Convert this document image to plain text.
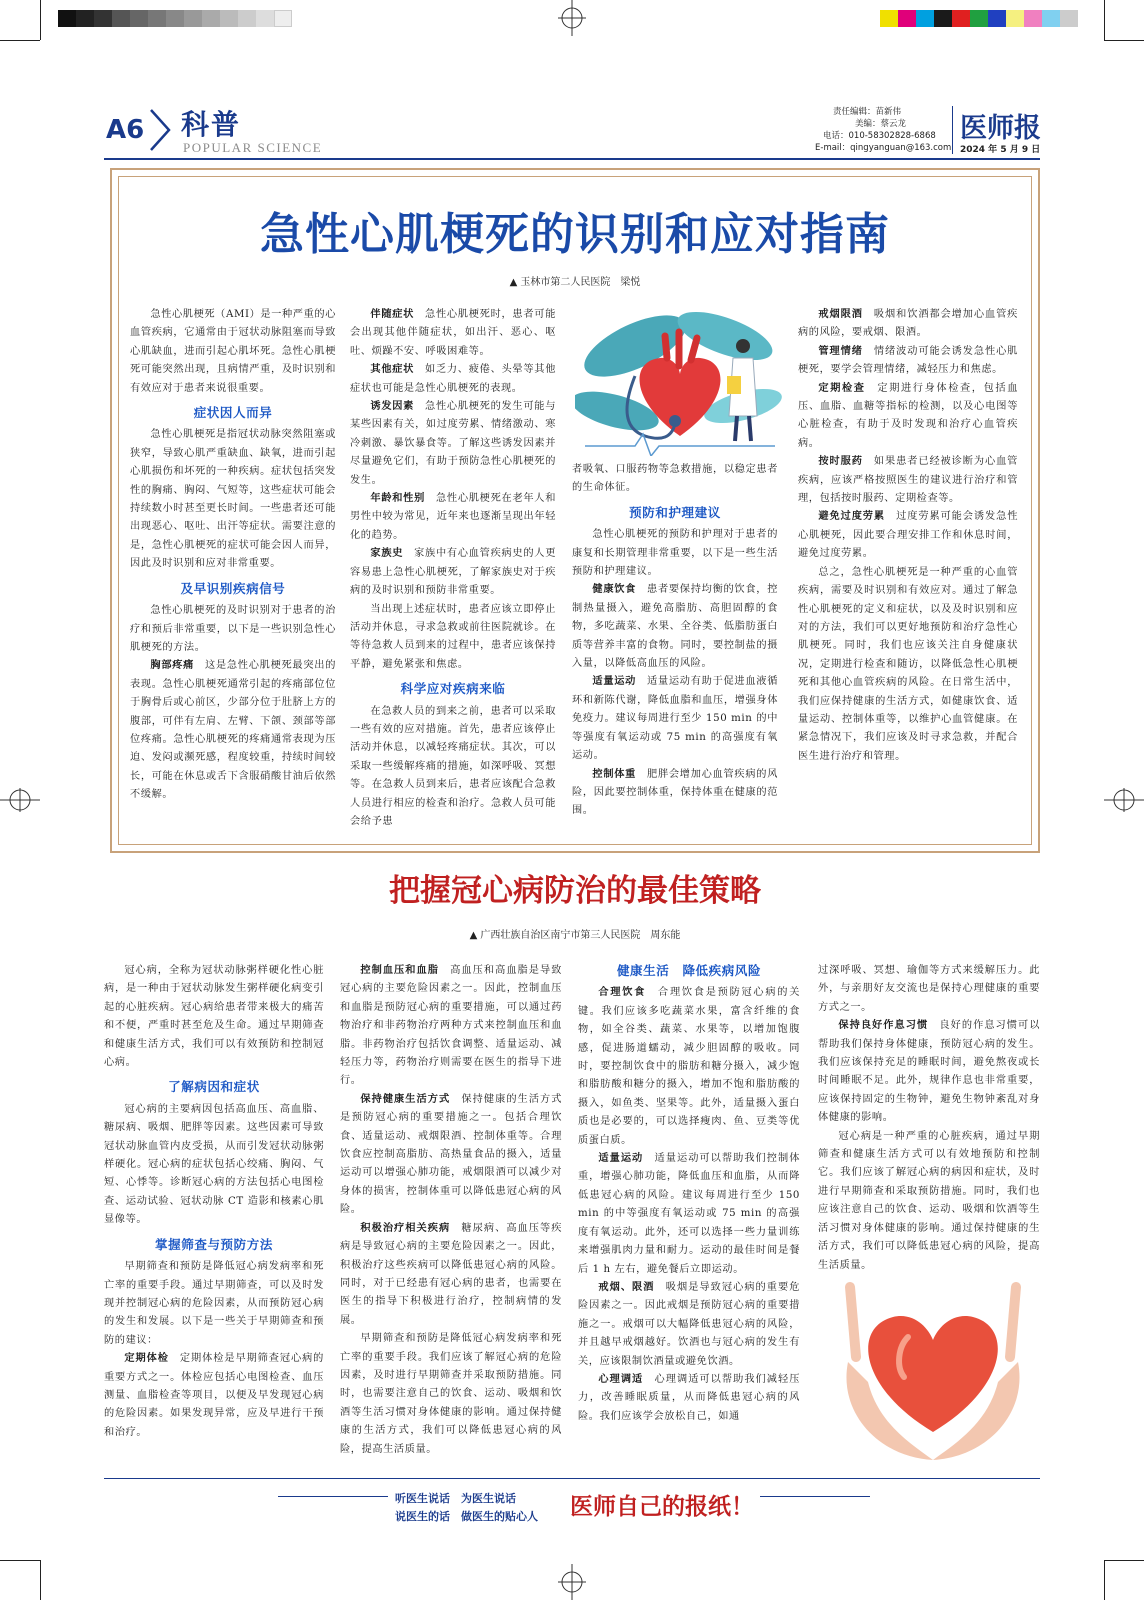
A6 科普
POPULAR SCIENCE
责任编辑：苗新伟
美编：蔡云龙
电话：010-58302828-6868
E-mail：qingyanguan@163.com
医师报
2024 年 5 月 9 日
急性心肌梗死的识别和应对指南
▲ 玉林市第二人民医院　梁悦

急性心肌梗死（AMI）是一种严重的心血管疾病，它通常由于冠状动脉阻塞而导致心肌缺血，进而引起心肌坏死。急性心肌梗死可能突然出现，且病情严重，及时识别和有效应对于患者来说很重要。

症状因人而异

急性心肌梗死是指冠状动脉突然阻塞或狭窄，导致心肌严重缺血、缺氧，进而引起心肌损伤和坏死的一种疾病。症状包括突发性的胸痛、胸闷、气短等，这些症状可能会持续数小时甚至更长时间。一些患者还可能出现恶心、呕吐、出汗等症状。需要注意的是，急性心肌梗死的症状可能会因人而异，因此及时识别和应对非常重要。

及早识别疾病信号

急性心肌梗死的及时识别对于患者的治疗和预后非常重要，以下是一些识别急性心肌梗死的方法。

胸部疼痛　 这是急性心肌梗死最突出的表现。急性心肌梗死通常引起的疼痛部位位于胸骨后或心前区，少部分位于肚脐上方的腹部，可伴有左肩、左臂、下颌、颈部等部位疼痛。急性心肌梗死的疼痛通常表现为压迫、发闷或濒死感，程度较重，持续时间较长，可能在休息或舌下含服硝酸甘油后依然不缓解。

伴随症状　 急性心肌梗死时，患者可能会出现其他伴随症状，如出汗、恶心、呕吐、烦躁不安、呼吸困难等。

其他症状　 如乏力、疲倦、头晕等其他症状也可能是急性心肌梗死的表现。

诱发因素　 急性心肌梗死的发生可能与某些因素有关，如过度劳累、情绪激动、寒冷刺激、暴饮暴食等。了解这些诱发因素并尽量避免它们，有助于预防急性心肌梗死的发生。

年龄和性别　 急性心肌梗死在老年人和男性中较为常见，近年来也逐渐呈现出年轻化的趋势。

家族史　 家族中有心血管疾病史的人更容易患上急性心肌梗死，了解家族史对于疾病的及时识别和预防非常重要。

当出现上述症状时，患者应该立即停止活动并休息，寻求急救或前往医院就诊。在等待急救人员到来的过程中，患者应该保持平静，避免紧张和焦虑。

科学应对疾病来临

在急救人员的到来之前，患者可以采取一些有效的应对措施。首先，患者应该停止活动并休息，以减轻疼痛症状。其次，可以采取一些缓解疼痛的措施，如深呼吸、冥想等。在急救人员到来后，患者应该配合急救人员进行相应的检查和治疗。急救人员可能会给予患

者吸氧、口服药物等急救措施，以稳定患者的生命体征。

预防和护理建议

急性心肌梗死的预防和护理对于患者的康复和长期管理非常重要，以下是一些生活预防和护理建议。

健康饮食　 患者要保持均衡的饮食，控制热量摄入，避免高脂肪、高胆固醇的食物，多吃蔬菜、水果、全谷类、低脂肪蛋白质等营养丰富的食物。同时，要控制盐的摄入量，以降低高血压的风险。

适量运动　 适量运动有助于促进血液循环和新陈代谢，降低血脂和血压，增强身体免疫力。建议每周进行至少 150 min 的中等强度有氧运动或 75 min 的高强度有氧运动。

控制体重　 肥胖会增加心血管疾病的风险，因此要控制体重，保持体重在健康的范围。

戒烟限酒　 吸烟和饮酒都会增加心血管疾病的风险，要戒烟、限酒。

管理情绪　 情绪波动可能会诱发急性心肌梗死，要学会管理情绪，减轻压力和焦虑。

定期检查　 定期进行身体检查，包括血压、血脂、血糖等指标的检测，以及心电图等心脏检查，有助于及时发现和治疗心血管疾病。

按时服药　 如果患者已经被诊断为心血管疾病，应该严格按照医生的建议进行治疗和管理，包括按时服药、定期检查等。

避免过度劳累　 过度劳累可能会诱发急性心肌梗死，因此要合理安排工作和休息时间，避免过度劳累。

总之，急性心肌梗死是一种严重的心血管疾病，需要及时识别和有效应对。通过了解急性心肌梗死的定义和症状，以及及时识别和应对的方法，我们可以更好地预防和治疗急性心肌梗死。同时，我们也应该关注自身健康状况，定期进行检查和随访，以降低急性心肌梗死和其他心血管疾病的风险。在日常生活中，我们应保持健康的生活方式，如健康饮食、适量运动、控制体重等，以维护心血管健康。在紧急情况下，我们应该及时寻求急救，并配合医生进行治疗和管理。

把握冠心病防治的最佳策略
▲ 广西壮族自治区南宁市第三人民医院　周东能

冠心病，全称为冠状动脉粥样硬化性心脏病，是一种由于冠状动脉发生粥样硬化病变引起的心脏疾病。冠心病给患者带来极大的痛苦和不便，严重时甚至危及生命。通过早期筛查和健康生活方式，我们可以有效预防和控制冠心病。

了解病因和症状

冠心病的主要病因包括高血压、高血脂、糖尿病、吸烟、肥胖等因素。这些因素可导致冠状动脉血管内皮受损，从而引发冠状动脉粥样硬化。冠心病的症状包括心绞痛、胸闷、气短、心悸等。诊断冠心病的方法包括心电图检查、运动试验、冠状动脉 CT 造影和核素心肌显像等。

掌握筛查与预防方法

早期筛查和预防是降低冠心病发病率和死亡率的重要手段。通过早期筛查，可以及时发现并控制冠心病的危险因素，从而预防冠心病的发生和发展。以下是一些关于早期筛查和预防的建议：

定期体检　 定期体检是早期筛查冠心病的重要方式之一。体检应包括心电图检查、血压测量、血脂检查等项目，以便及早发现冠心病的危险因素。如果发现异常，应及早进行干预和治疗。

控制血压和血脂　 高血压和高血脂是导致冠心病的主要危险因素之一。因此，控制血压和血脂是预防冠心病的重要措施，可以通过药物治疗和非药物治疗两种方式来控制血压和血脂。非药物治疗包括饮食调整、适量运动、减轻压力等，药物治疗则需要在医生的指导下进行。

保持健康生活方式　 保持健康的生活方式是预防冠心病的重要措施之一。包括合理饮食、适量运动、戒烟限酒、控制体重等。合理饮食应控制高脂肪、高热量食品的摄入，适量运动可以增强心肺功能，戒烟限酒可以减少对身体的损害，控制体重可以降低患冠心病的风险。

积极治疗相关疾病　 糖尿病、高血压等疾病是导致冠心病的主要危险因素之一。因此，积极治疗这些疾病可以降低患冠心病的风险。同时，对于已经患有冠心病的患者，也需要在医生的指导下积极进行治疗，控制病情的发展。

早期筛查和预防是降低冠心病发病率和死亡率的重要手段。我们应该了解冠心病的危险因素，及时进行早期筛查并采取预防措施。同时，也需要注意自己的饮食、运动、吸烟和饮酒等生活习惯对身体健康的影响。通过保持健康的生活方式，我们可以降低患冠心病的风险，提高生活质量。

健康生活　降低疾病风险

合理饮食　 合理饮食是预防冠心病的关键。我们应该多吃蔬菜水果，富含纤维的食物，如全谷类、蔬菜、水果等，以增加饱腹感，促进肠道蠕动，减少胆固醇的吸收。同时，要控制饮食中的脂肪和糖分摄入，减少饱和脂肪酸和糖分的摄入，增加不饱和脂肪酸的摄入，如鱼类、坚果等。此外，适量摄入蛋白质也是必要的，可以选择瘦肉、鱼、豆类等优质蛋白质。

适量运动　 适量运动可以帮助我们控制体重，增强心肺功能，降低血压和血脂，从而降低患冠心病的风险。建议每周进行至少 150 min 的中等强度有氧运动或 75 min 的高强度有氧运动。此外，还可以选择一些力量训练来增强肌肉力量和耐力。运动的最佳时间是餐后 1 h 左右，避免餐后立即运动。

戒烟、限酒　 吸烟是导致冠心病的重要危险因素之一。因此戒烟是预防冠心病的重要措施之一。戒烟可以大幅降低患冠心病的风险，并且越早戒烟越好。饮酒也与冠心病的发生有关，应该限制饮酒量或避免饮酒。

心理调适　 心理调适可以帮助我们减轻压力，改善睡眠质量，从而降低患冠心病的风险。我们应该学会放松自己，如通

过深呼吸、冥想、瑜伽等方式来缓解压力。此外，与亲朋好友交流也是保持心理健康的重要方式之一。

保持良好作息习惯　 良好的作息习惯可以帮助我们保持身体健康，预防冠心病的发生。我们应该保持充足的睡眠时间，避免熬夜或长时间睡眠不足。此外，规律作息也非常重要，应该保持固定的生物钟，避免生物钟紊乱对身体健康的影响。

冠心病是一种严重的心脏疾病，通过早期筛查和健康生活方式可以有效地预防和控制它。我们应该了解冠心病的病因和症状，及时进行早期筛查和采取预防措施。同时，我们也应该注意自己的饮食、运动、吸烟和饮酒等生活习惯对身体健康的影响。通过保持健康的生活方式，我们可以降低患冠心病的风险，提高生活质量。

听医生说话　为医生说话
说医生的话　做医生的贴心人 医师自己的报纸！
